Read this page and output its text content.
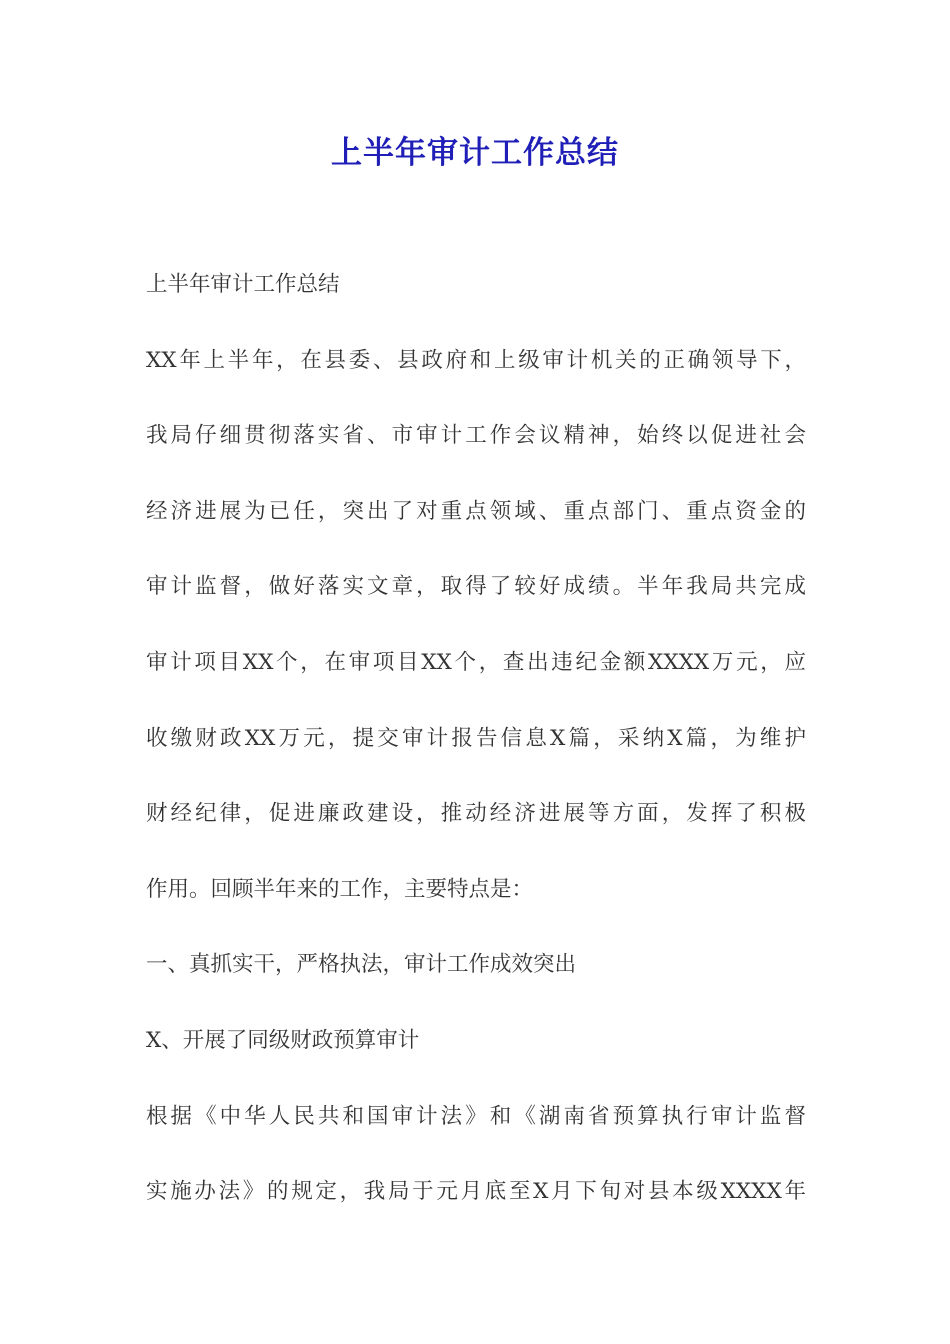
上半年审计工作总结
上半年审计工作总结
XX年上半年，在县委、县政府和上级审计机关的正确领导下，
我局仔细贯彻落实省、市审计工作会议精神，始终以促进社会
经济进展为已任，突出了对重点领域、重点部门、重点资金的
审计监督，做好落实文章，取得了较好成绩。半年我局共完成
审计项目XX个，在审项目XX个，查出违纪金额XXXX万元，应
收缴财政XX万元，提交审计报告信息X篇，采纳X篇，为维护
财经纪律，促进廉政建设，推动经济进展等方面，发挥了积极
作用。回顾半年来的工作，主要特点是：
一、真抓实干，严格执法，审计工作成效突出
X、开展了同级财政预算审计
根据《中华人民共和国审计法》和《湖南省预算执行审计监督
实施办法》的规定，我局于元月底至X月下旬对县本级XXXX年
